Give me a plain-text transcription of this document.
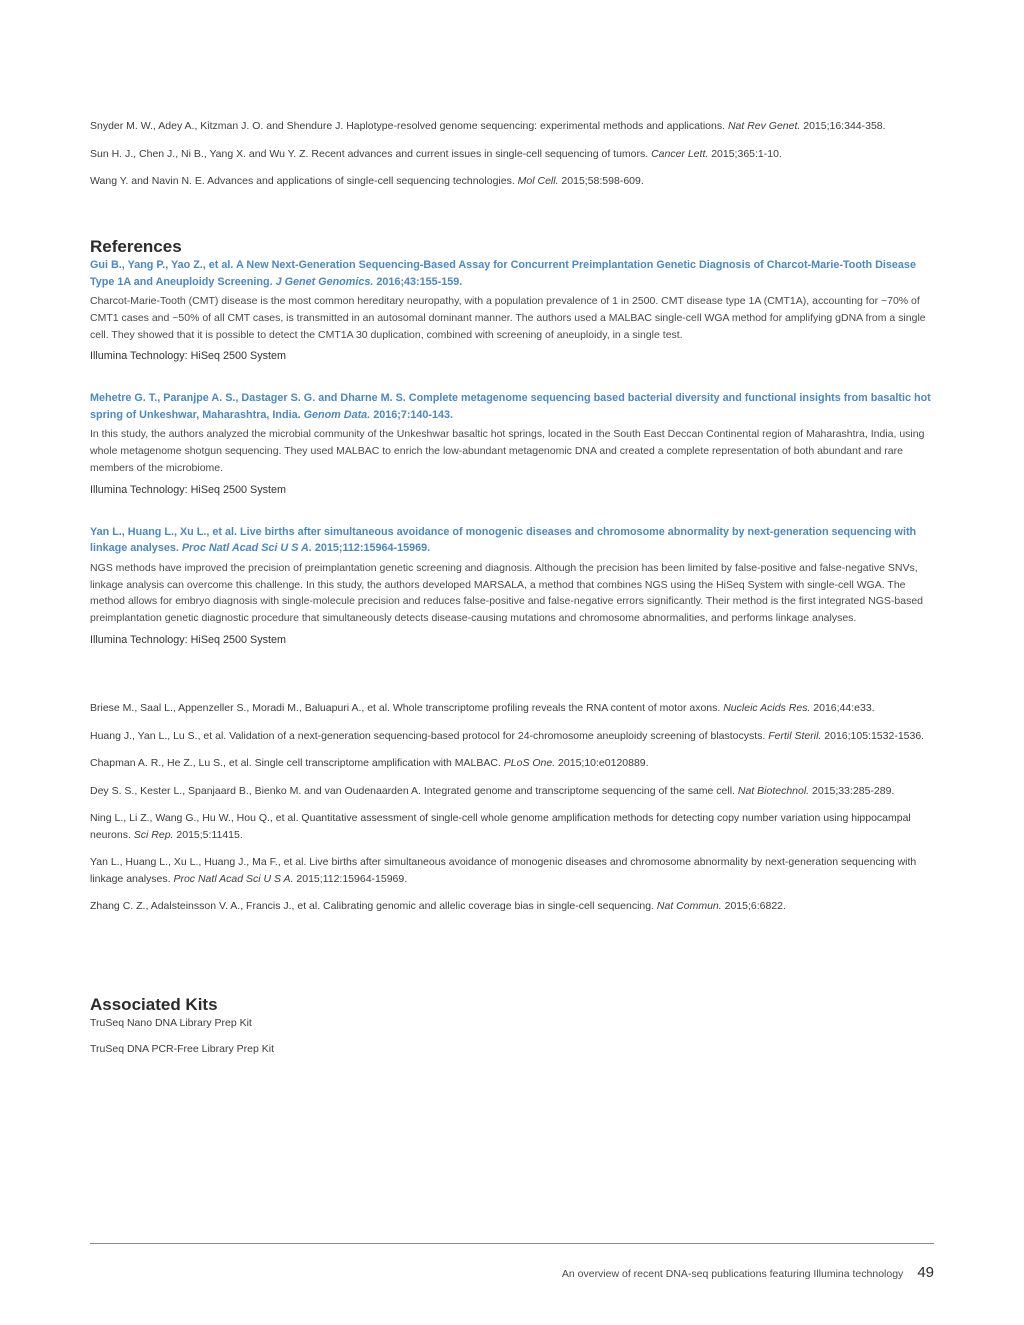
Snyder M. W., Adey A., Kitzman J. O. and Shendure J. Haplotype-resolved genome sequencing: experimental methods and applications. Nat Rev Genet. 2015;16:344-358.

Sun H. J., Chen J., Ni B., Yang X. and Wu Y. Z. Recent advances and current issues in single-cell sequencing of tumors. Cancer Lett. 2015;365:1-10.

Wang Y. and Navin N. E. Advances and applications of single-cell sequencing technologies. Mol Cell. 2015;58:598-609.

References

Gui B., Yang P., Yao Z., et al. A New Next-Generation Sequencing-Based Assay for Concurrent Preimplantation Genetic Diagnosis of Charcot-Marie-Tooth Disease Type 1A and Aneuploidy Screening. J Genet Genomics. 2016;43:155-159.

Charcot-Marie-Tooth (CMT) disease is the most common hereditary neuropathy, with a population prevalence of 1 in 2500. CMT disease type 1A (CMT1A), accounting for ~70% of CMT1 cases and ~50% of all CMT cases, is transmitted in an autosomal dominant manner. The authors used a MALBAC single-cell WGA method for amplifying gDNA from a single cell. They showed that it is possible to detect the CMT1A 30 duplication, combined with screening of aneuploidy, in a single test.

Illumina Technology: HiSeq 2500 System

Mehetre G. T., Paranjpe A. S., Dastager S. G. and Dharne M. S. Complete metagenome sequencing based bacterial diversity and functional insights from basaltic hot spring of Unkeshwar, Maharashtra, India. Genom Data. 2016;7:140-143.

In this study, the authors analyzed the microbial community of the Unkeshwar basaltic hot springs, located in the South East Deccan Continental region of Maharashtra, India, using whole metagenome shotgun sequencing. They used MALBAC to enrich the low-abundant metagenomic DNA and created a complete representation of both abundant and rare members of the microbiome.

Illumina Technology: HiSeq 2500 System

Yan L., Huang L., Xu L., et al. Live births after simultaneous avoidance of monogenic diseases and chromosome abnormality by next-generation sequencing with linkage analyses. Proc Natl Acad Sci U S A. 2015;112:15964-15969.

NGS methods have improved the precision of preimplantation genetic screening and diagnosis. Although the precision has been limited by false-positive and false-negative SNVs, linkage analysis can overcome this challenge. In this study, the authors developed MARSALA, a method that combines NGS using the HiSeq System with single-cell WGA. The method allows for embryo diagnosis with single-molecule precision and reduces false-positive and false-negative errors significantly. Their method is the first integrated NGS-based preimplantation genetic diagnostic procedure that simultaneously detects disease-causing mutations and chromosome abnormalities, and performs linkage analyses.

Illumina Technology: HiSeq 2500 System

Briese M., Saal L., Appenzeller S., Moradi M., Baluapuri A., et al. Whole transcriptome profiling reveals the RNA content of motor axons. Nucleic Acids Res. 2016;44:e33.

Huang J., Yan L., Lu S., et al. Validation of a next-generation sequencing-based protocol for 24-chromosome aneuploidy screening of blastocysts. Fertil Steril. 2016;105:1532-1536.

Chapman A. R., He Z., Lu S., et al. Single cell transcriptome amplification with MALBAC. PLoS One. 2015;10:e0120889.

Dey S. S., Kester L., Spanjaard B., Bienko M. and van Oudenaarden A. Integrated genome and transcriptome sequencing of the same cell. Nat Biotechnol. 2015;33:285-289.

Ning L., Li Z., Wang G., Hu W., Hou Q., et al. Quantitative assessment of single-cell whole genome amplification methods for detecting copy number variation using hippocampal neurons. Sci Rep. 2015;5:11415.

Yan L., Huang L., Xu L., Huang J., Ma F., et al. Live births after simultaneous avoidance of monogenic diseases and chromosome abnormality by next-generation sequencing with linkage analyses. Proc Natl Acad Sci U S A. 2015;112:15964-15969.

Zhang C. Z., Adalsteinsson V. A., Francis J., et al. Calibrating genomic and allelic coverage bias in single-cell sequencing. Nat Commun. 2015;6:6822.

Associated Kits

TruSeq Nano DNA Library Prep Kit

TruSeq DNA PCR-Free Library Prep Kit

An overview of recent DNA-seq publications featuring Illumina technology 49
